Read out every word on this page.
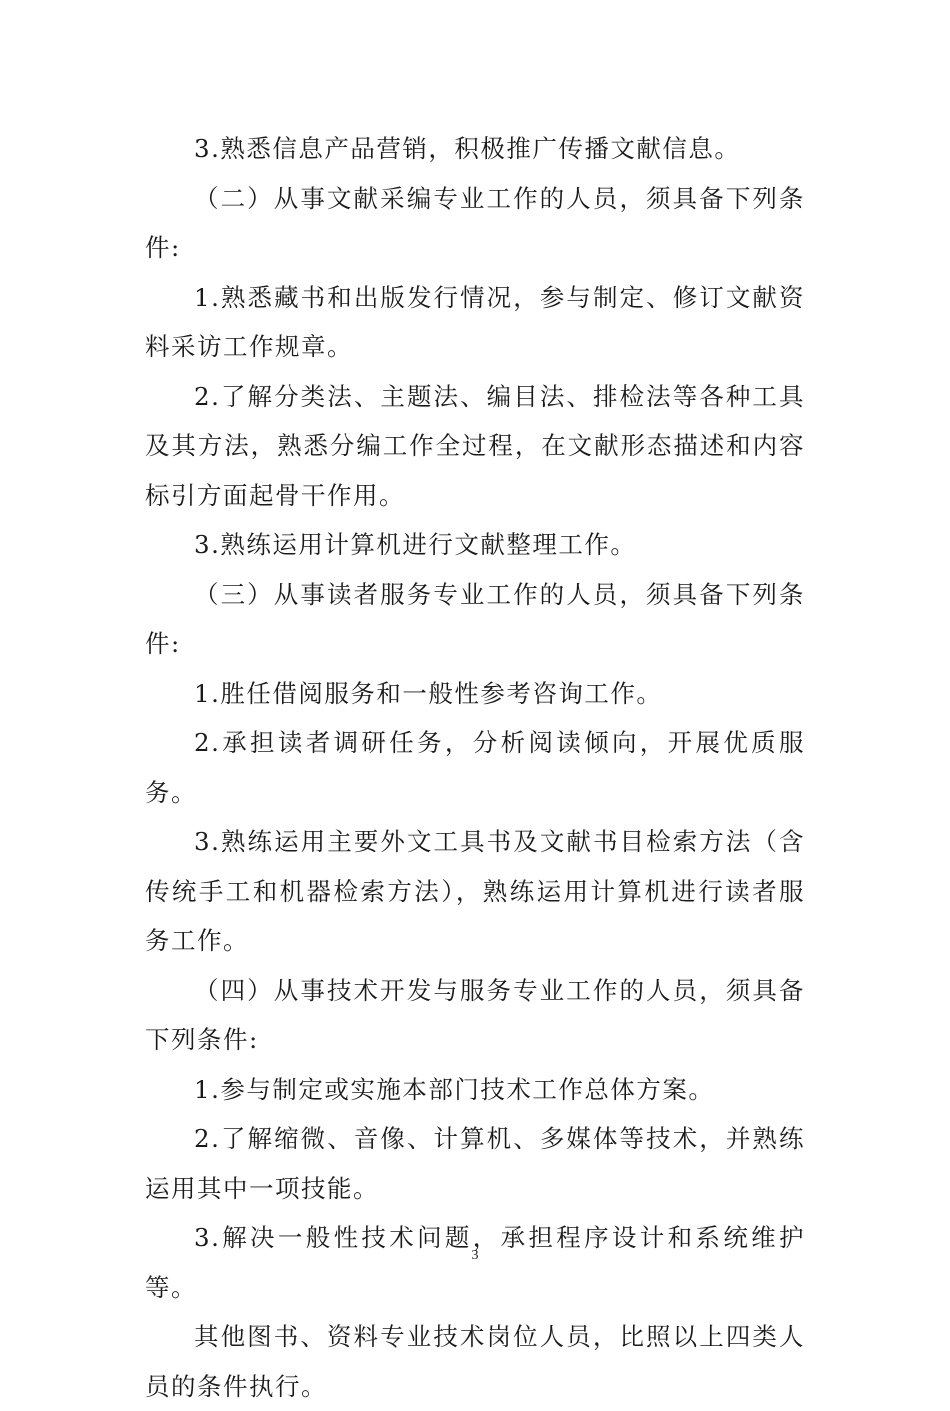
3.熟悉信息产品营销，积极推广传播文献信息。

（二）从事文献采编专业工作的人员，须具备下列条件:

1.熟悉藏书和出版发行情况，参与制定、修订文献资料采访工作规章。

2.了解分类法、主题法、编目法、排检法等各种工具及其方法，熟悉分编工作全过程，在文献形态描述和内容标引方面起骨干作用。

3.熟练运用计算机进行文献整理工作。

（三）从事读者服务专业工作的人员，须具备下列条件:

1.胜任借阅服务和一般性参考咨询工作。

2.承担读者调研任务，分析阅读倾向，开展优质服务。

3.熟练运用主要外文工具书及文献书目检索方法（含传统手工和机器检索方法），熟练运用计算机进行读者服务工作。

（四）从事技术开发与服务专业工作的人员，须具备下列条件:

1.参与制定或实施本部门技术工作总体方案。

2.了解缩微、音像、计算机、多媒体等技术，并熟练运用其中一项技能。

3.解决一般性技术问题，承担程序设计和系统维护等。

其他图书、资料专业技术岗位人员，比照以上四类人员的条件执行。

3
